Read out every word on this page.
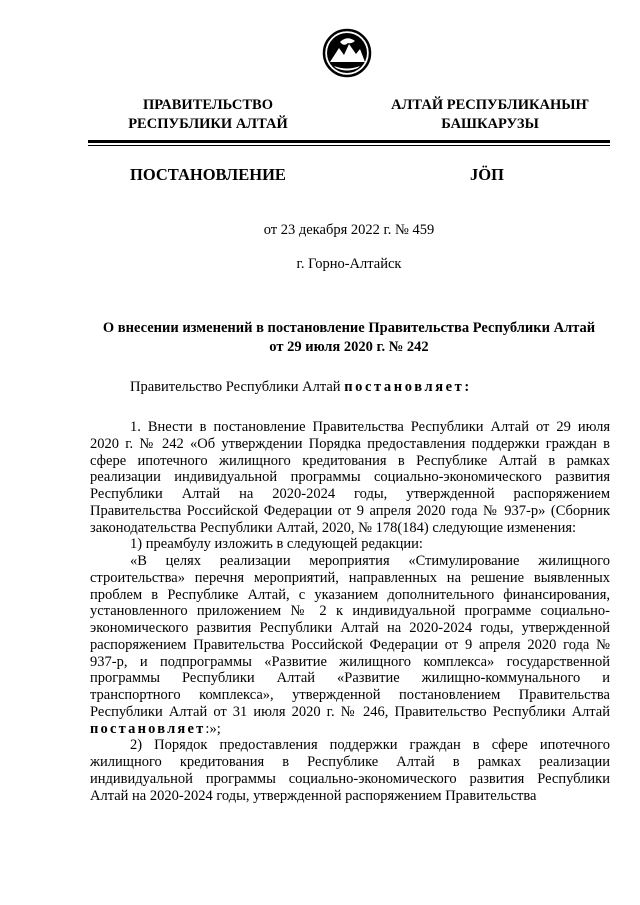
ПРАВИТЕЛЬСТВО
РЕСПУБЛИКИ АЛТАЙ
АЛТАЙ РЕСПУБЛИКАНЫҤ
БАШКАРУЗЫ
ПОСТАНОВЛЕНИЕ	JÖП
от 23 декабря 2022 г. № 459
г. Горно-Алтайск
О внесении изменений в постановление Правительства Республики Алтай
от 29 июля 2020 г. № 242
Правительство Республики Алтай постановляет:

1. Внести в постановление Правительства Республики Алтай от 29 июля 2020 г. № 242 «Об утверждении Порядка предоставления поддержки граждан в сфере ипотечного жилищного кредитования в Республике Алтай в рамках реализации индивидуальной программы социально-экономического развития Республики Алтай на 2020-2024 годы, утвержденной распоряжением Правительства Российской Федерации от 9 апреля 2020 года № 937-р» (Сборник законодательства Республики Алтай, 2020, № 178(184) следующие изменения:

1) преамбулу изложить в следующей редакции:

«В целях реализации мероприятия «Стимулирование жилищного строительства» перечня мероприятий, направленных на решение выявленных проблем в Республике Алтай, с указанием дополнительного финансирования, установленного приложением № 2 к индивидуальной программе социально-экономического развития Республики Алтай на 2020-2024 годы, утвержденной распоряжением Правительства Российской Федерации от 9 апреля 2020 года № 937-р, и подпрограммы «Развитие жилищного комплекса» государственной программы Республики Алтай «Развитие жилищно-коммунального и транспортного комплекса», утвержденной постановлением Правительства Республики Алтай от 31 июля 2020 г. № 246, Правительство Республики Алтай постановляет:»;

2) Порядок предоставления поддержки граждан в сфере ипотечного жилищного кредитования в Республике Алтай в рамках реализации индивидуальной программы социально-экономического развития Республики Алтай на 2020-2024 годы, утвержденной распоряжением Правительства
